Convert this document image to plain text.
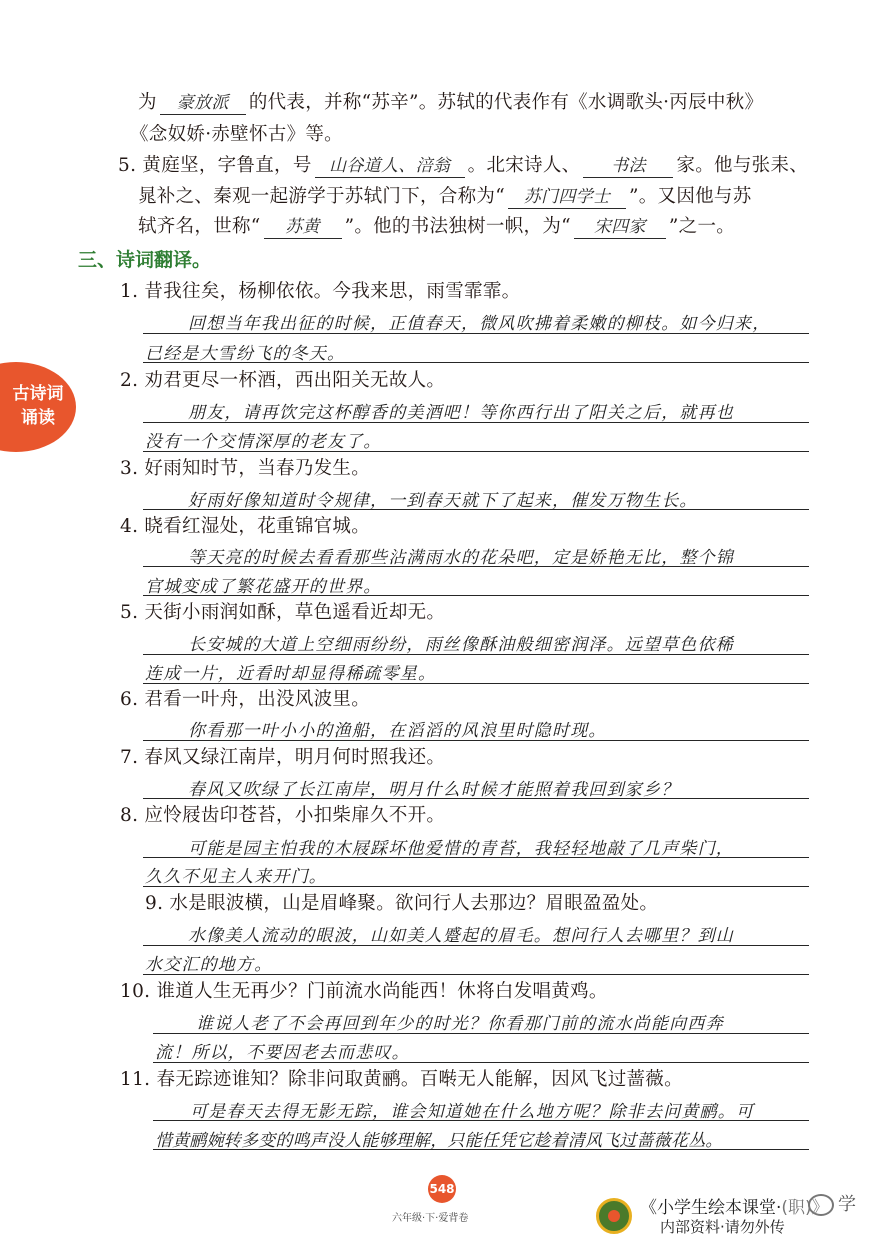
为 豪放派 的代表，并称“苏辛”。苏轼的代表作有《水调歌头·丙辰中秋》
《念奴娇·赤壁怀古》等。
5. 黄庭坚，字鲁直，号 山谷道人、涪翁 。北宋诗人、 书法 家。他与张耒、
晁补之、秦观一起游学于苏轼门下，合称为“ 苏门四学士 ”。又因他与苏
轼齐名，世称“ 苏黄 ”。他的书法独树一帜，为“ 宋四家 ”之一。
三、诗词翻译。
古诗词
诵读
1. 昔我往矣，杨柳依依。今我来思，雨雪霏霏。
回想当年我出征的时候，正值春天，微风吹拂着柔嫩的柳枝。如今归来，
已经是大雪纷飞的冬天。
2. 劝君更尽一杯酒，西出阳关无故人。
朋友，请再饮完这杯醇香的美酒吧！等你西行出了阳关之后，就再也
没有一个交情深厚的老友了。
3. 好雨知时节，当春乃发生。
好雨好像知道时令规律，一到春天就下了起来，催发万物生长。
4. 晓看红湿处，花重锦官城。
等天亮的时候去看看那些沾满雨水的花朵吧，定是娇艳无比，整个锦
官城变成了繁花盛开的世界。
5. 天街小雨润如酥，草色遥看近却无。
长安城的大道上空细雨纷纷，雨丝像酥油般细密润泽。远望草色依稀
连成一片，近看时却显得稀疏零星。
6. 君看一叶舟，出没风波里。
你看那一叶小小的渔船，在滔滔的风浪里时隐时现。
7. 春风又绿江南岸，明月何时照我还。
春风又吹绿了长江南岸，明月什么时候才能照着我回到家乡？
8. 应怜屐齿印苍苔，小扣柴扉久不开。
可能是园主怕我的木屐踩坏他爱惜的青苔，我轻轻地敲了几声柴门，
久久不见主人来开门。
9. 水是眼波横，山是眉峰聚。欲问行人去那边？眉眼盈盈处。
水像美人流动的眼波，山如美人蹙起的眉毛。想问行人去哪里？到山
水交汇的地方。
10. 谁道人生无再少？门前流水尚能西！休将白发唱黄鸡。
谁说人老了不会再回到年少的时光？你看那门前的流水尚能向西奔
流！所以，不要因老去而悲叹。
11. 春无踪迹谁知？除非问取黄鹂。百啭无人能解，因风飞过蔷薇。
可是春天去得无影无踪，谁会知道她在什么地方呢？除非去问黄鹂。可
惜黄鹂婉转多变的鸣声没人能够理解，只能任凭它趁着清风飞过蔷薇花丛。
548
六年级·下·爱背卷
《小学生绘本课堂·(职)》
内部资料·请勿外传
学
